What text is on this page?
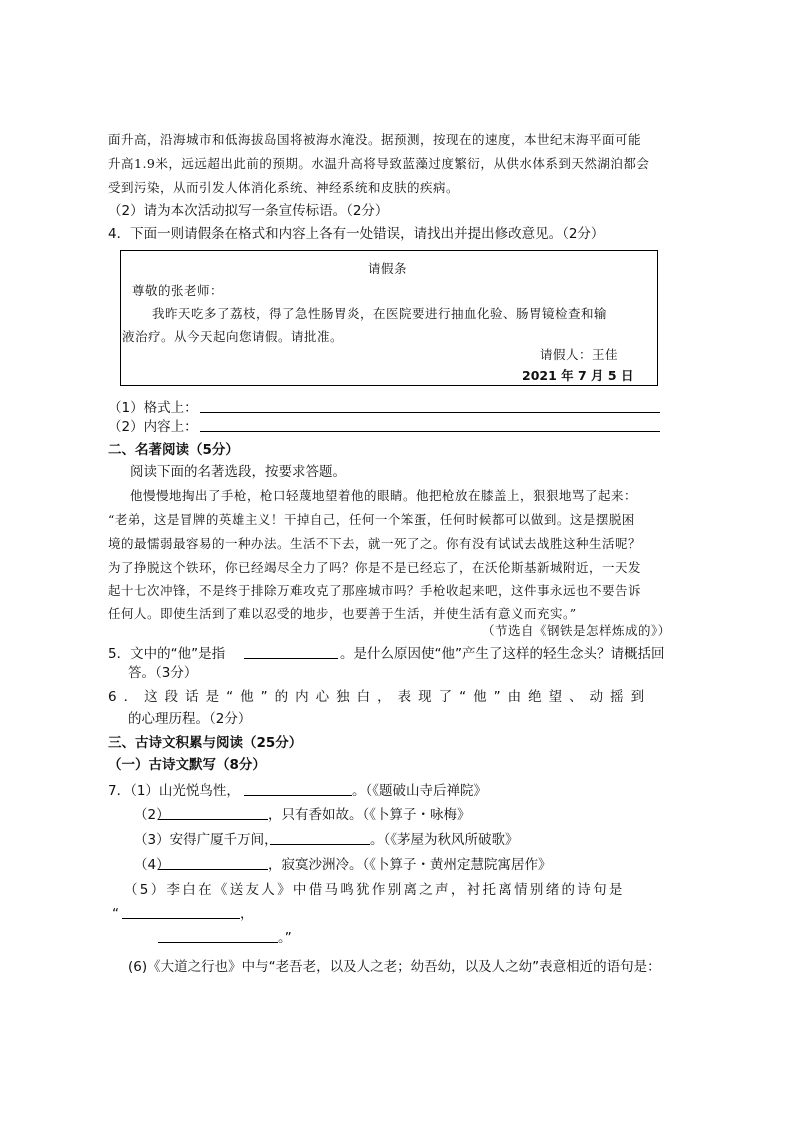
面升高，沿海城市和低海拔岛国将被海水淹没。据预测，按现在的速度，本世纪末海平面可能
升高1.9米，远远超出此前的预期。水温升高将导致蓝藻过度繁衍，从供水体系到天然湖泊都会
受到污染，从而引发人体消化系统、神经系统和皮肤的疾病。
（2）请为本次活动拟写一条宣传标语。（2分）
4．下面一则请假条在格式和内容上各有一处错误，请找出并提出修改意见。（2分）
请假条
尊敬的张老师：
我昨天吃多了荔枝，得了急性肠胃炎，在医院要进行抽血化验、肠胃镜检查和输
液治疗。从今天起向您请假。请批准。
请假人：王佳
2021 年 7 月 5 日
（1）格式上：
（2）内容上：
二、名著阅读（5分）
阅读下面的名著选段，按要求答题。
他慢慢地掏出了手枪，枪口轻蔑地望着他的眼睛。他把枪放在膝盖上，狠狠地骂了起来：
“老弟，这是冒牌的英雄主义！干掉自己，任何一个笨蛋，任何时候都可以做到。这是摆脱困
境的最懦弱最容易的一种办法。生活不下去，就一死了之。你有没有试试去战胜这种生活呢？
为了挣脱这个铁环，你已经竭尽全力了吗？你是不是已经忘了，在沃伦斯基新城附近，一天发
起十七次冲锋，不是终于排除万难攻克了那座城市吗？手枪收起来吧，这件事永远也不要告诉
任何人。即使生活到了难以忍受的地步，也要善于生活，并使生活有意义而充实。”
（节选自《钢铁是怎样炼成的》）
5．文中的“他”是指	。是什么原因使“他”产生了这样的轻生念头？请概括回
答。（3分）
6．这段话是“他”的内心独白，表现了“他”由绝望、动摇到
的心理历程。（2分）
三、古诗文积累与阅读（25分）
（一）古诗文默写（8分）
7．（1）山光悦鸟性，	。（《题破山寺后禅院》
（2）	，只有香如故。（《卜算子・咏梅》
（3）安得广厦千万间，	。（《茅屋为秋风所破歌》
（4）	，寂寞沙洲冷。（《卜算子・黄州定慧院寓居作》
（5）李白在《送友人》中借马鸣犹作别离之声，衬托离情别绪的诗句是
“	，
。”
(6)《大道之行也》中与“老吾老，以及人之老；幼吾幼，以及人之幼”表意相近的语句是：
